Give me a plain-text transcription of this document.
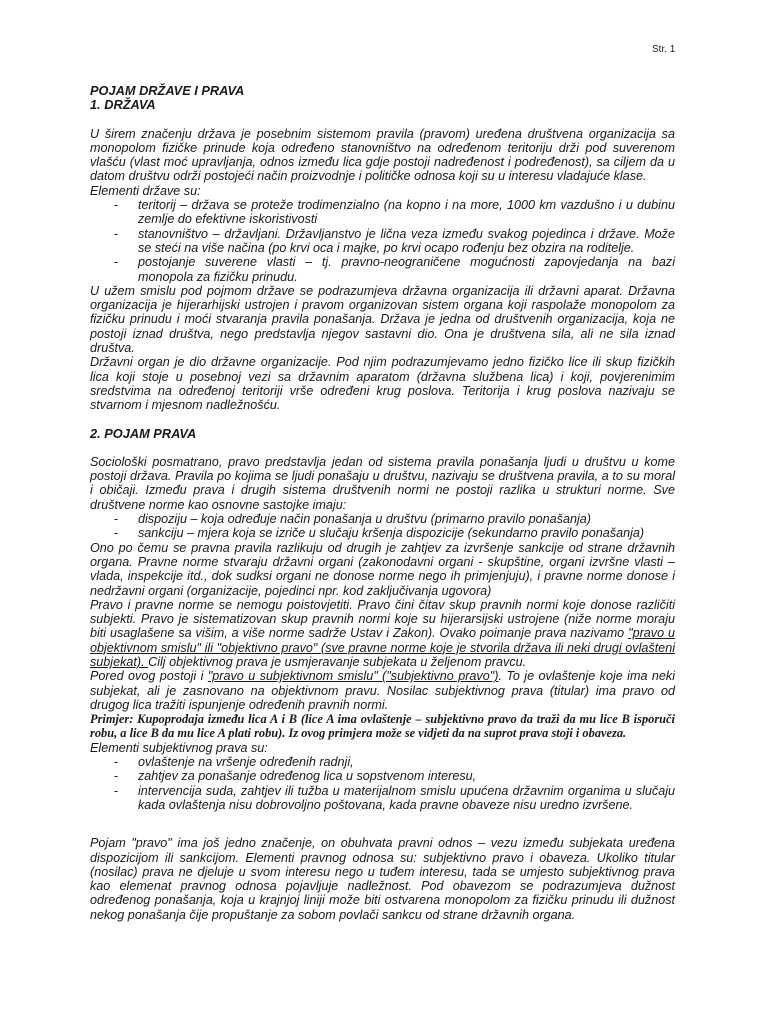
Str. 1
POJAM DRŽAVE I PRAVA
1. DRŽAVA

U širem značenju država je posebnim sistemom pravila (pravom) uređena društvena organizacija sa monopolom fizičke prinude koja određeno stanovništvo na određenom teritoriju drži pod suverenom vlašću (vlast moć upravljanja, odnos između lica gdje postoji nadređenost i podređenost), sa ciljem da u datom društvu održi postojeći način proizvodnje i političke odnosa koji su u interesu vladajuće klase.

Elementi države su:

- teritorij – država se proteže trodimenzialno (na kopno i na more, 1000 km vazdušno i u dubinu zemlje do efektivne iskoristivosti
- stanovništvo – državljani. Državljanstvo je lična veza između svakog pojedinca i države. Može se steći na više načina (po krvi oca i majke, po krvi ocapo rođenju bez obzira na roditelje.
- postojanje suverene vlasti – tj. pravno-neograničene mogućnosti zapovjedanja na bazi monopola za fizičku prinudu.

U užem smislu pod pojmom države se podrazumjeva državna organizacija ili državni aparat. Državna organizacija je hijerarhijski ustrojen i pravom organizovan sistem organa koji raspolaže monopolom za fizičku prinudu i moći stvaranja pravila ponašanja. Država je jedna od društvenih organizacija, koja ne postoji iznad društva, nego predstavlja njegov sastavni dio. Ona je društvena sila, ali ne sila iznad društva.

Državni organ je dio državne organizacije. Pod njim podrazumjevamo jedno fizičko lice ili skup fizičkih lica koji stoje u posebnoj vezi sa državnim aparatom (državna službena lica) i koji, povjerenimim sredstvima na određenoj teritoriji vrše određeni krug poslova. Teritorija i krug poslova nazivaju se stvarnom i mjesnom nadležnošću.

2. POJAM PRAVA

Sociološki posmatrano, pravo predstavlja jedan od sistema pravila ponašanja ljudi u društvu u kome postoji država. Pravila po kojima se ljudi ponašaju u društvu, nazivaju se društvena pravila, a to su moral i običaji. Između prava i drugih sistema društvenih normi ne postoji razlika u strukturi norme. Sve društvene norme kao osnovne sastojke imaju:

- dispoziju – koja određuje način ponašanja u društvu (primarno pravilo ponašanja)
- sankciju – mjera koja se izriče u slučaju kršenja dispozicije (sekundarno pravilo ponašanja)

Ono po čemu se pravna pravila razlikuju od drugih je zahtjev za izvršenje sankcije od strane državnih organa. Pravne norme stvaraju državni organi (zakonodavni organi - skupštine, organi izvršne vlasti – vlada, inspekcije itd., dok sudksi organi ne donose norme nego ih primjenjuju), i pravne norme donose i nedržavni organi (organizacije, pojedinci npr. kod zaključivanja ugovora)

Pravo i pravne norme se nemogu poistovjetiti. Pravo čini čitav skup pravnih normi koje donose različiti subjekti. Pravo je sistematizovan skup pravnih normi koje su hijerarsijski ustrojene (niže norme moraju biti usaglašene sa višim, a više norme sadrže Ustav i Zakon). Ovako poimanje prava nazivamo "pravo u objektivnom smislu" ili "objektivno pravo" (sve pravne norme koje je stvorila država ili neki drugi ovlašteni subjekat). Cilj objektivnog prava je usmjeravanje subjekata u željenom pravcu.

Pored ovog postoji i "pravo u subjektivnom smislu" ("subjektivno pravo"). To je ovlaštenje koje ima neki subjekat, ali je zasnovano na objektivnom pravu. Nosilac subjektivnog prava (titular) ima pravo od drugog lica tražiti ispunjenje određenih pravnih normi.

Primjer: Kupoprodaja između lica A i B (lice A ima ovlaštenje – subjektivno pravo da traži da mu lice B isporuči robu, a lice B da mu lice A plati robu). Iz ovog primjera može se vidjeti da na suprot prava stoji i obaveza.

Elementi subjektivnog prava su:

- ovlaštenje na vršenje određenih radnji,
- zahtjev za ponašanje određenog lica u sopstvenom interesu,
- intervencija suda, zahtjev ili tužba u materijalnom smislu upućena državnim organima u slučaju kada ovlaštenja nisu dobrovoljno poštovana, kada pravne obaveze nisu uredno izvršene.

Pojam "pravo" ima još jedno značenje, on obuhvata pravni odnos – vezu između subjekata uređena dispozicijom ili sankcijom. Elementi pravnog odnosa su: subjektivno pravo i obaveza. Ukoliko titular (nosilac) prava ne djeluje u svom interesu nego u tuđem interesu, tada se umjesto subjektivnog prava kao elemenat pravnog odnosa pojavljuje nadležnost. Pod obavezom se podrazumjeva dužnost određenog ponašanja, koja u krajnjoj liniji može biti ostvarena monopolom za fizičku prinudu ili dužnost nekog ponašanja čije propuštanje za sobom povlači sankcu od strane državnih organa.
